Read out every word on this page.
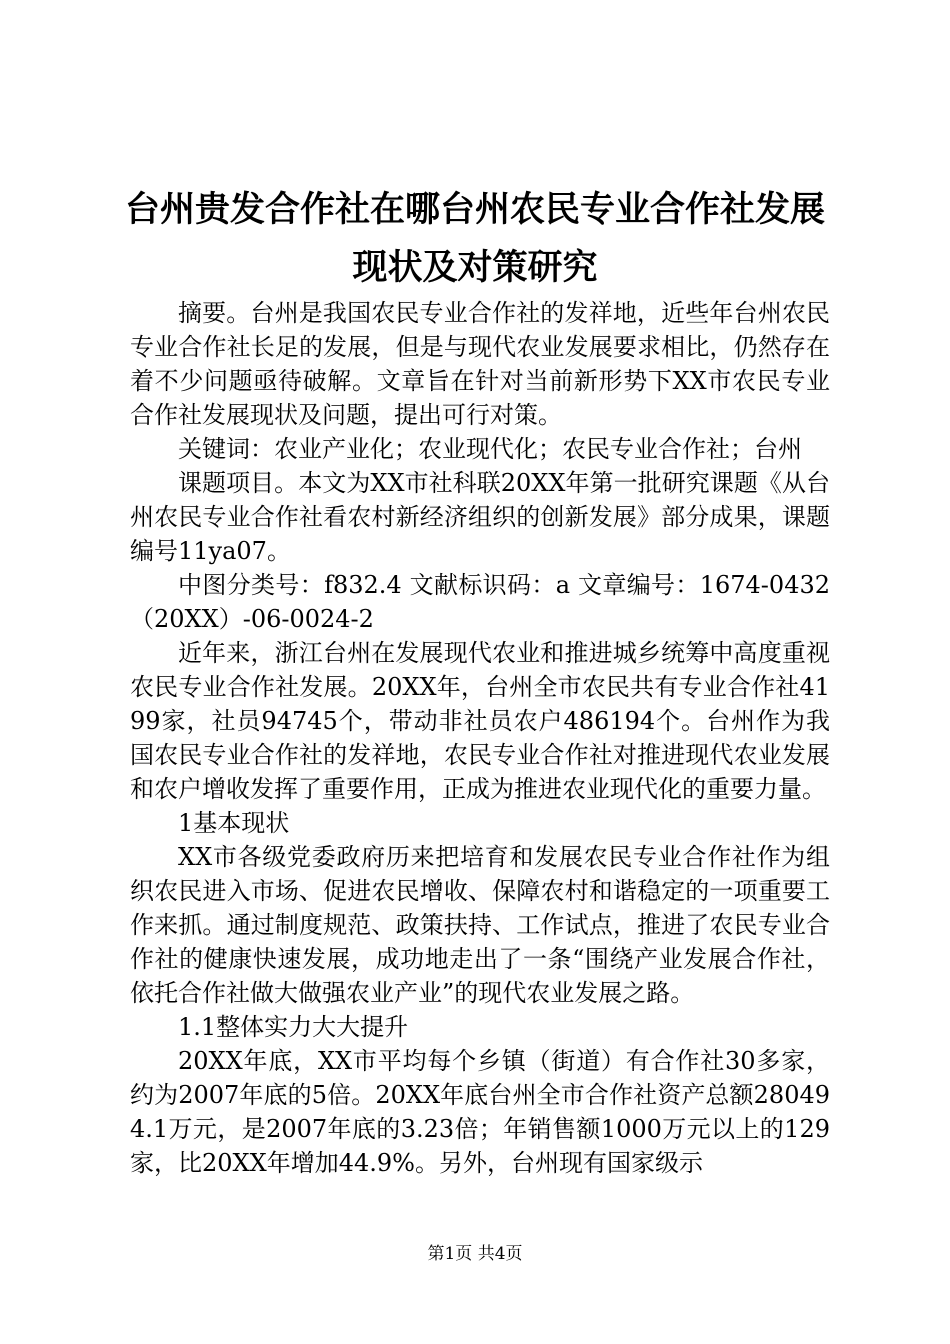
台州贵发合作社在哪台州农民专业合作社发展
现状及对策研究

摘要。台州是我国农民专业合作社的发祥地，近些年台州农民专业合作社长足的发展，但是与现代农业发展要求相比，仍然存在着不少问题亟待破解。文章旨在针对当前新形势下XX市农民专业合作社发展现状及问题，提出可行对策。

关键词：农业产业化；农业现代化；农民专业合作社；台州

课题项目。本文为XX市社科联20XX年第一批研究课题《从台州农民专业合作社看农村新经济组织的创新发展》部分成果，课题编号11ya07。

中图分类号：f832.4 文献标识码：a 文章编号：1674-0432（20XX）-06-0024-2

近年来，浙江台州在发展现代农业和推进城乡统筹中高度重视农民专业合作社发展。20XX年，台州全市农民共有专业合作社4199家，社员94745个，带动非社员农户486194个。台州作为我国农民专业合作社的发祥地，农民专业合作社对推进现代农业发展和农户增收发挥了重要作用，正成为推进农业现代化的重要力量。

1基本现状

XX市各级党委政府历来把培育和发展农民专业合作社作为组织农民进入市场、促进农民增收、保障农村和谐稳定的一项重要工作来抓。通过制度规范、政策扶持、工作试点，推进了农民专业合作社的健康快速发展，成功地走出了一条“围绕产业发展合作社，依托合作社做大做强农业产业”的现代农业发展之路。

1.1整体实力大大提升

20XX年底，XX市平均每个乡镇（街道）有合作社30多家，约为2007年底的5倍。20XX年底台州全市合作社资产总额280494.1万元，是2007年底的3.23倍；年销售额1000万元以上的129家，比20XX年增加44.9%。另外，台州现有国家级示

第1页 共4页
